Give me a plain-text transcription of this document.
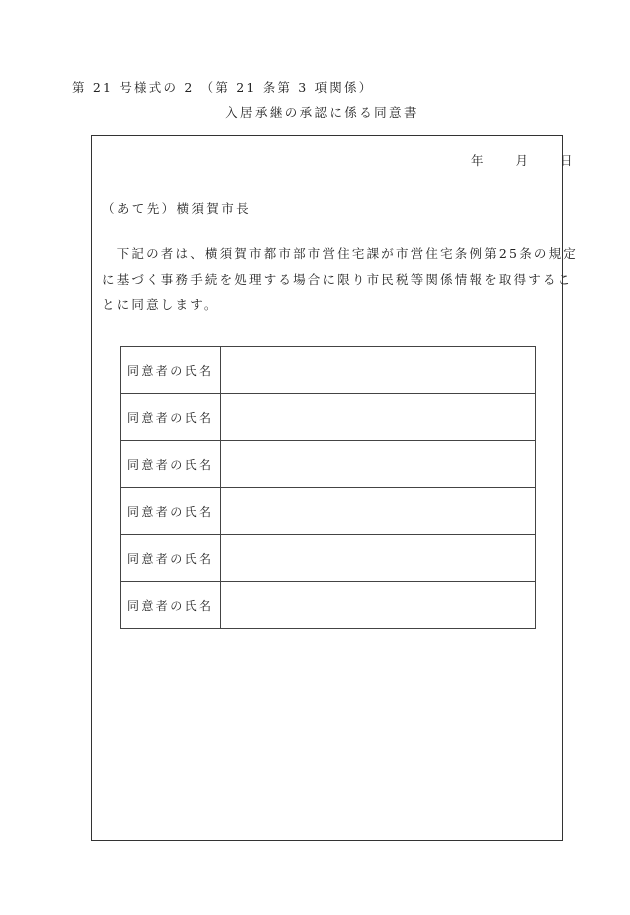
第 21 号様式の 2 （第 21 条第 3 項関係）
入居承継の承認に係る同意書
年	月	日
（あて先）横須賀市長
　下記の者は、横須賀市都市部市営住宅課が市営住宅条例第25条の規定
に基づく事務手続を処理する場合に限り市民税等関係情報を取得するこ
とに同意します。
同意者の氏名	
同意者の氏名	
同意者の氏名	
同意者の氏名	
同意者の氏名	
同意者の氏名	
